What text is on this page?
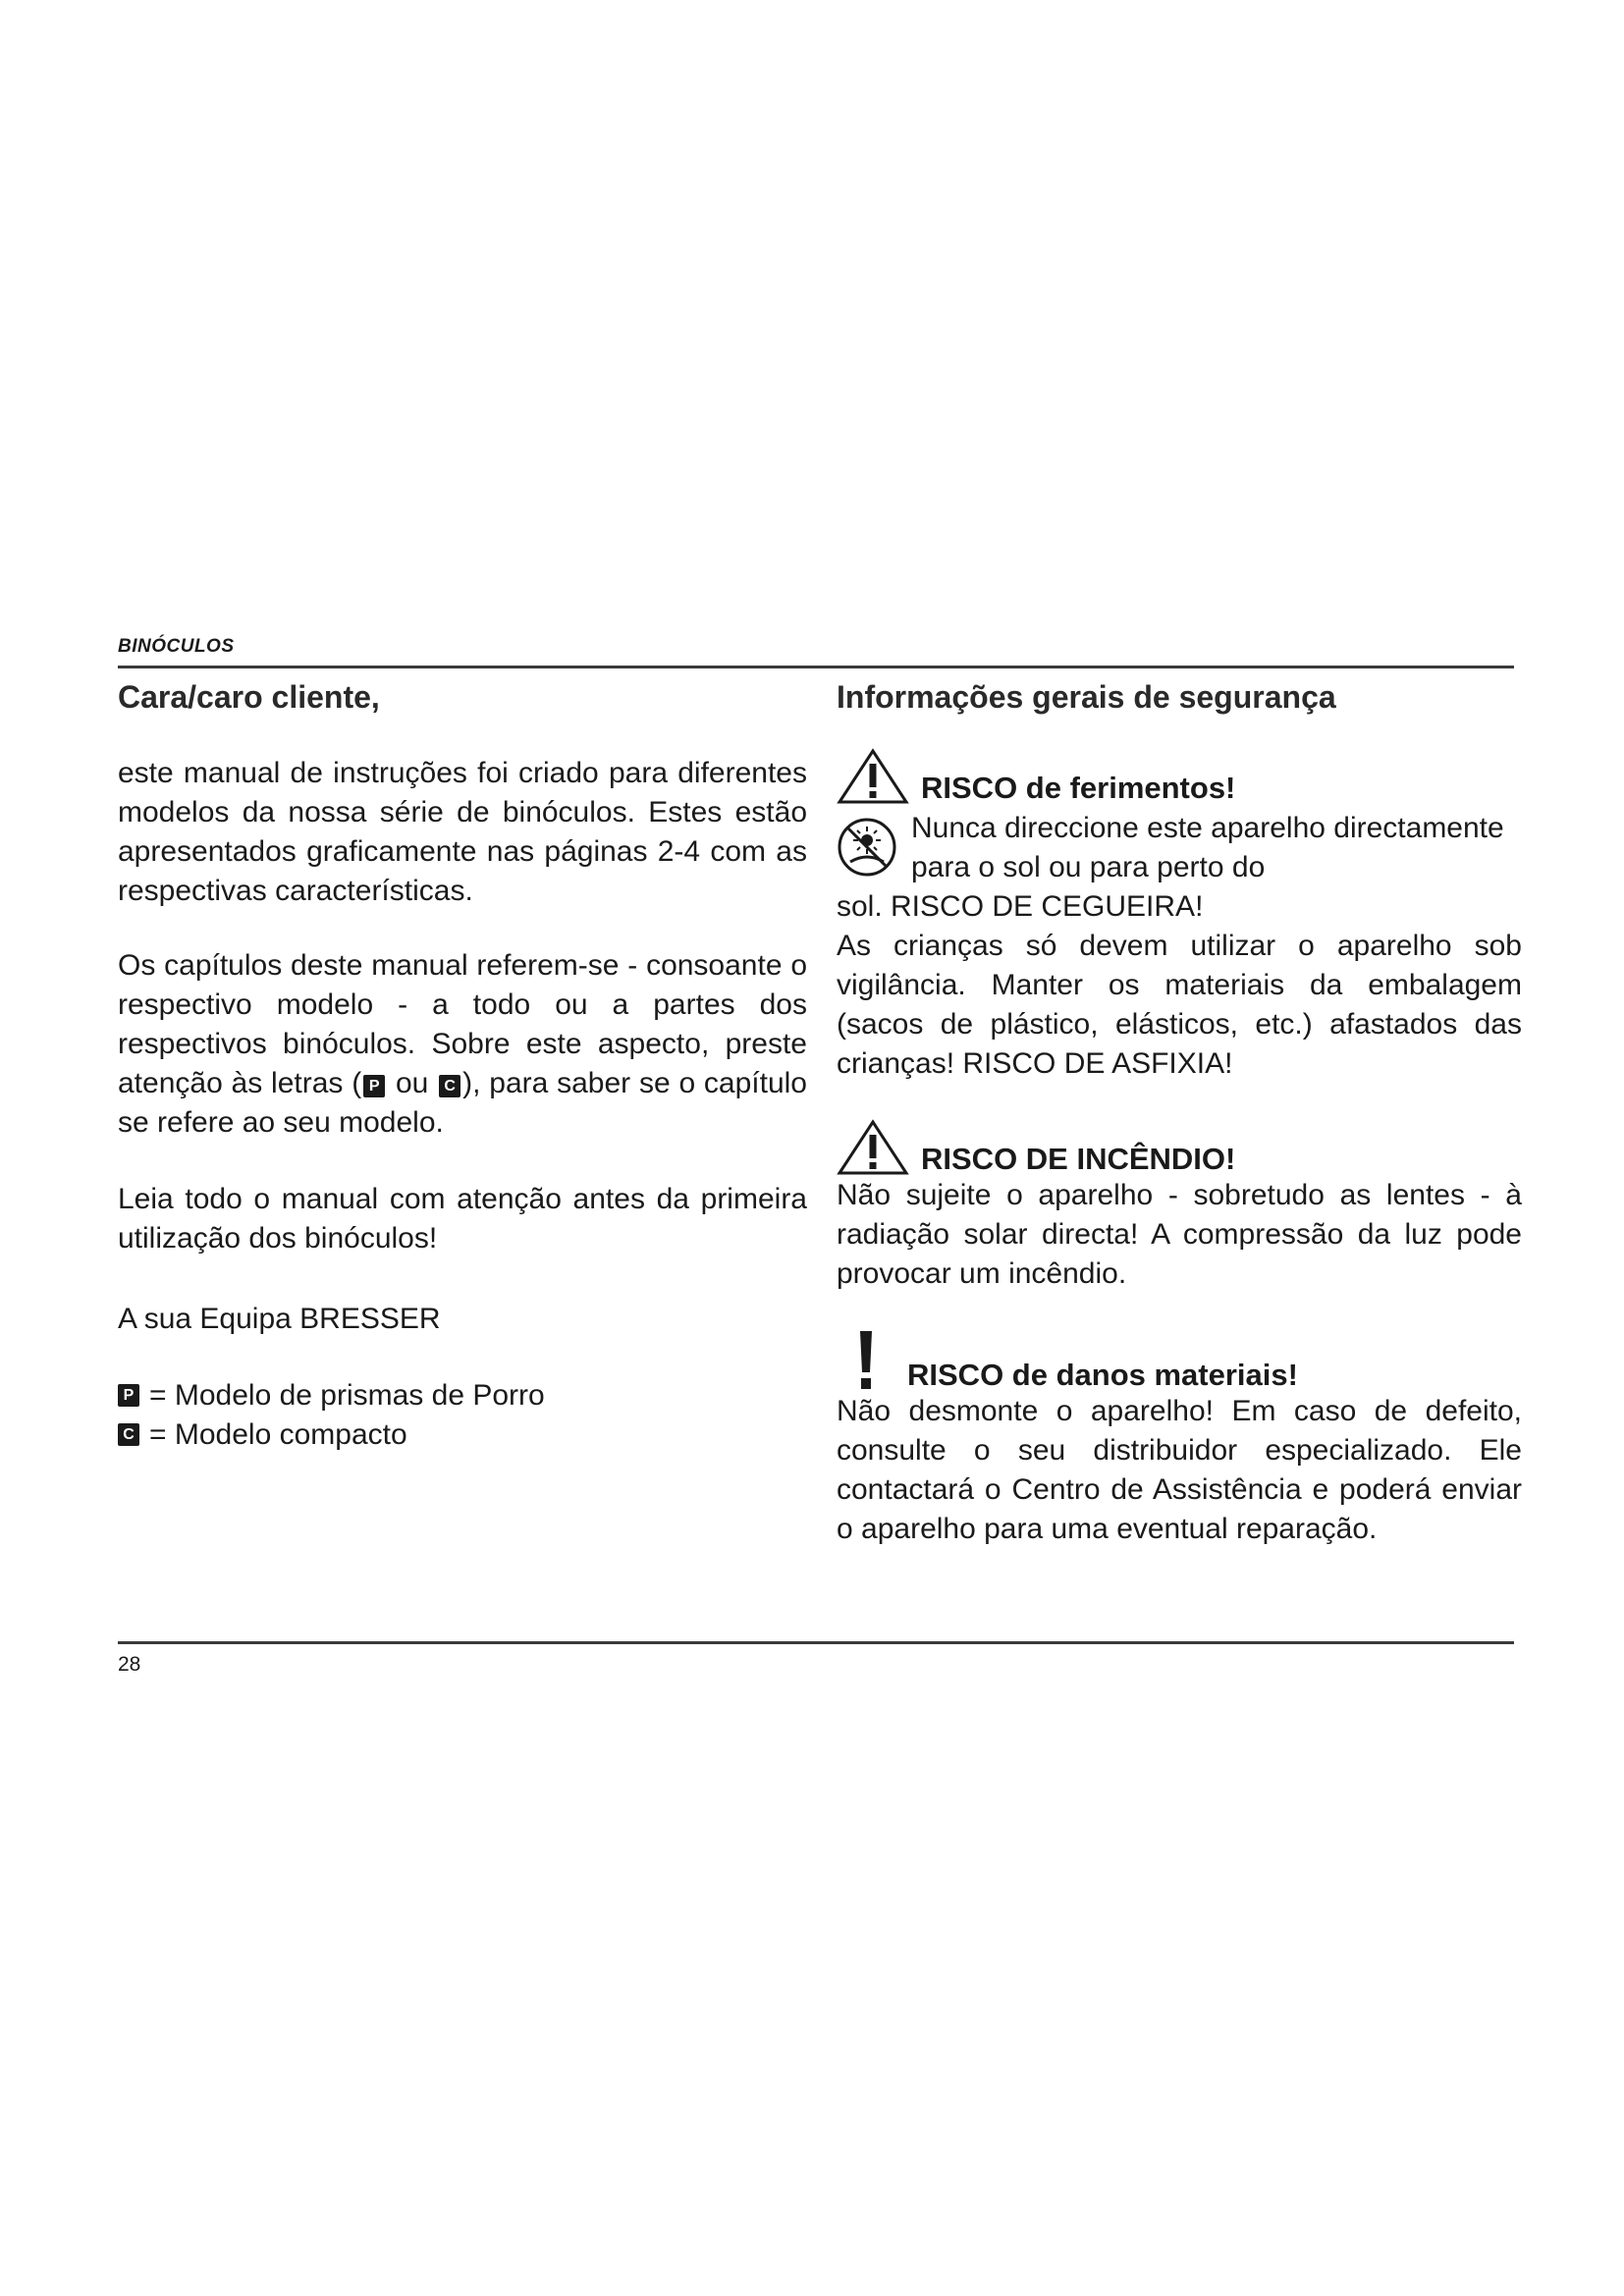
BINÓCULOS
Cara/caro cliente,

este manual de instruções foi criado para diferentes modelos da nossa série de binóculos. Estes estão apresentados graficamente nas páginas 2-4 com as respectivas características.

Os capítulos deste manual referem-se - consoante o respectivo modelo - a todo ou a partes dos respectivos binóculos. Sobre este aspecto, preste atenção às letras ( P ou C ), para saber se o capítulo se refere ao seu modelo.

Leia todo o manual com atenção antes da primeira utilização dos binóculos!

A sua Equipa BRESSER

P = Modelo de prismas de Porro
C = Modelo compacto
Informações gerais de segurança
RISCO de ferimentos!
Nunca direccione este aparelho directamente para o sol ou para perto do

sol. RISCO DE CEGUEIRA!

As crianças só devem utilizar o aparelho sob vigilância. Manter os materiais da embalagem (sacos de plástico, elásticos, etc.) afastados das crianças! RISCO DE ASFIXIA!

RISCO DE INCÊNDIO!

Não sujeite o aparelho - sobretudo as lentes - à radiação solar directa! A compressão da luz pode provocar um incêndio.

RISCO de danos materiais!

Não desmonte o aparelho! Em caso de defeito, consulte o seu distribuidor especializado. Ele contactará o Centro de Assistência e poderá enviar o aparelho para uma eventual reparação.

28
